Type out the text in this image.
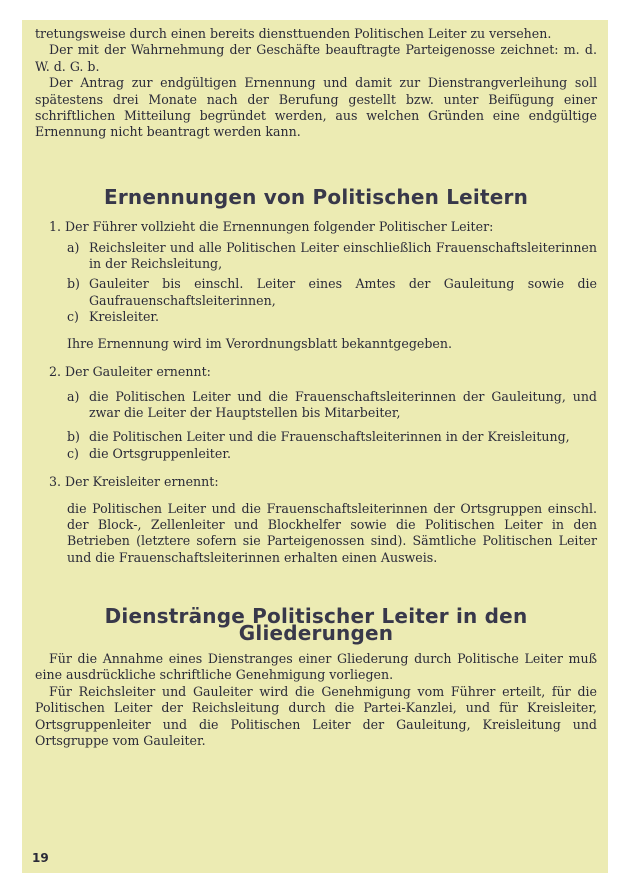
tretungsweise durch einen bereits diensttuenden Politischen Leiter zu versehen.

Der mit der Wahrnehmung der Geschäfte beauftragte Parteigenosse zeichnet: m. d. W. d. G. b.

Der Antrag zur endgültigen Ernennung und damit zur Dienstrangverleihung soll spätestens drei Monate nach der Berufung gestellt bzw. unter Beifügung einer schriftlichen Mitteilung begründet werden, aus welchen Gründen eine endgültige Ernennung nicht beantragt werden kann.

Ernennungen von Politischen Leitern

1. Der Führer vollzieht die Ernennungen folgender Politischer Leiter:

a) Reichsleiter und alle Politischen Leiter einschließlich Frauenschaftsleiterinnen in der Reichsleitung,

b) Gauleiter bis einschl. Leiter eines Amtes der Gauleitung sowie die Gaufrauenschaftsleiterinnen,

c) Kreisleiter.

Ihre Ernennung wird im Verordnungsblatt bekanntgegeben.

2. Der Gauleiter ernennt:

a) die Politischen Leiter und die Frauenschaftsleiterinnen der Gauleitung, und zwar die Leiter der Hauptstellen bis Mitarbeiter,

b) die Politischen Leiter und die Frauenschaftsleiterinnen in der Kreisleitung,

c) die Ortsgruppenleiter.

3. Der Kreisleiter ernennt:

die Politischen Leiter und die Frauenschaftsleiterinnen der Ortsgruppen einschl. der Block-, Zellenleiter und Blockhelfer sowie die Politischen Leiter in den Betrieben (letztere sofern sie Parteigenossen sind). Sämtliche Politischen Leiter und die Frauenschaftsleiterinnen erhalten einen Ausweis.

Dienstränge Politischer Leiter in den Gliederungen

Für die Annahme eines Dienstranges einer Gliederung durch Politische Leiter muß eine ausdrückliche schriftliche Genehmigung vorliegen.

Für Reichsleiter und Gauleiter wird die Genehmigung vom Führer erteilt, für die Politischen Leiter der Reichsleitung durch die Partei-Kanzlei, und für Kreisleiter, Ortsgruppenleiter und die Politischen Leiter der Gauleitung, Kreisleitung und Ortsgruppe vom Gauleiter.

19
